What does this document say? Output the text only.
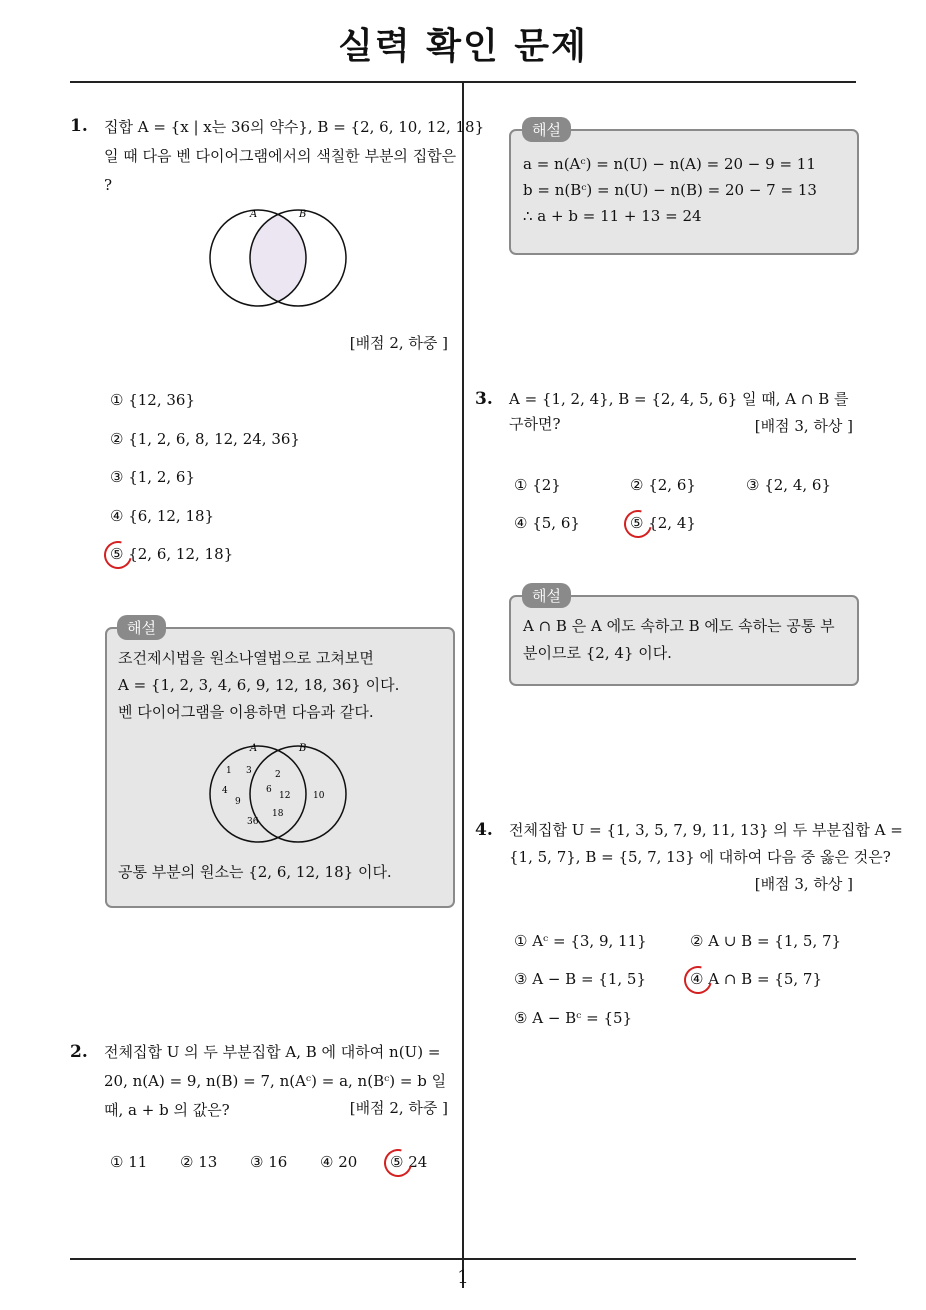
실력 확인 문제
1. 집합 A = {x | x는 36의 약수}, B = {2, 6, 10, 12, 18}
일 때 다음 벤 다이어그램에서의 색칠한 부분의 집합은
?
A	B
[배점 2, 하중 ]
① {12, 36}
② {1, 2, 6, 8, 12, 24, 36}
③ {1, 2, 6}
④ {6, 12, 18}
⑤ {2, 6, 12, 18}
해설
조건제시법을 원소나열법으로 고쳐보면
A = {1, 2, 3, 4, 6, 9, 12, 18, 36} 이다.
벤 다이어그램을 이용하면 다음과 같다.
A	B
1 3
4
9
36
2
6
12
18
10
공통 부분의 원소는 {2, 6, 12, 18} 이다.
2. 전체집합 U 의 두 부분집합 A, B 에 대하여 n(U) =
20, n(A) = 9, n(B) = 7, n(Aᶜ) = a, n(Bᶜ) = b 일
때, a + b 의 값은?	[배점 2, 하중 ]
① 11 ② 13 ③ 16 ④ 20 ⑤ 24
해설
a = n(Aᶜ) = n(U) − n(A) = 20 − 9 = 11
b = n(Bᶜ) = n(U) − n(B) = 20 − 7 = 13
∴ a + b = 11 + 13 = 24
3. A = {1, 2, 4}, B = {2, 4, 5, 6} 일 때, A ∩ B 를
구하면?	[배점 3, 하상 ]
① {2}	② {2, 6}	③ {2, 4, 6}
④ {5, 6}	⑤ {2, 4}
해설
A ∩ B 은 A 에도 속하고 B 에도 속하는 공통 부
분이므로 {2, 4} 이다.
4. 전체집합 U = {1, 3, 5, 7, 9, 11, 13} 의 두 부분집합 A =
{1, 5, 7}, B = {5, 7, 13} 에 대하여 다음 중 옳은 것은?
[배점 3, 하상 ]
① Aᶜ = {3, 9, 11}	② A ∪ B = {1, 5, 7}
③ A − B = {1, 5}	④ A ∩ B = {5, 7}
⑤ A − Bᶜ = {5}
1
